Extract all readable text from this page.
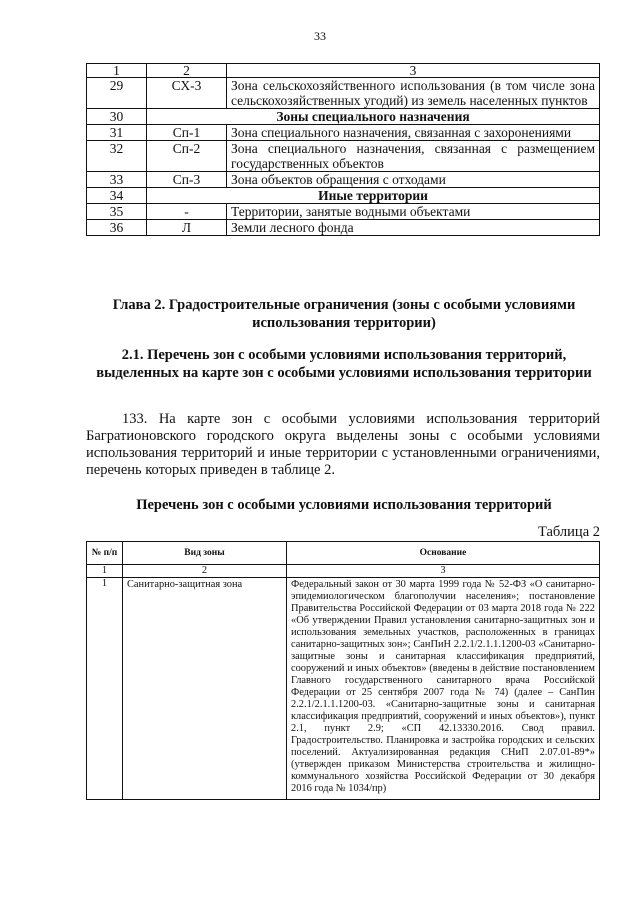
33
1	2	3
29	СХ-3	Зона сельскохозяйственного использования (в том числе зона сельскохозяйственных угодий) из земель населенных пунктов
30	Зоны специального назначения	
31	Сп-1	Зона специального назначения, связанная с захоронениями
32	Сп-2	Зона специального назначения, связанная с размещением государственных объектов
33	Сп-3	Зона объектов обращения с отходами
34	Иные территории	
35	-	Территории, занятые водными объектами
36	Л	Земли лесного фонда
Глава 2. Градостроительные ограничения (зоны с особыми условиями использования территории)
2.1. Перечень зон с особыми условиями использования территорий, выделенных на карте зон с особыми условиями использования территории
133. На карте зон с особыми условиями использования территорий Багратионовского городского округа выделены зоны с особыми условиями использования территорий и иные территории с установленными ограничениями, перечень которых приведен в таблице 2.
Перечень зон с особыми условиями использования территорий
Таблица 2
№ п/п	Вид зоны	Основание
1	2	3
1	Санитарно-защитная зона	Федеральный закон от 30 марта 1999 года № 52-ФЗ «О санитарно-эпидемиологическом благополучии населения»; постановление Правительства Российской Федерации от 03 марта 2018 года № 222 «Об утверждении Правил установления санитарно-защитных зон и использования земельных участков, расположенных в границах санитарно-защитных зон»; СанПиН 2.2.1/2.1.1.1200-03 «Санитарно-защитные зоны и санитарная классификация предприятий, сооружений и иных объектов» (введены в действие постановлением Главного государственного санитарного врача Российской Федерации от 25 сентября 2007 года № 74) (далее – СанПин 2.2.1/2.1.1.1200-03. «Санитарно-защитные зоны и санитарная классификация предприятий, сооружений и иных объектов»), пункт 2.1, пункт 2.9; «СП 42.13330.2016. Свод правил. Градостроительство. Планировка и застройка городских и сельских поселений. Актуализированная редакция СНиП 2.07.01-89*» (утвержден приказом Министерства строительства и жилищно-коммунального хозяйства Российской Федерации от 30 декабря 2016 года № 1034/пр)
